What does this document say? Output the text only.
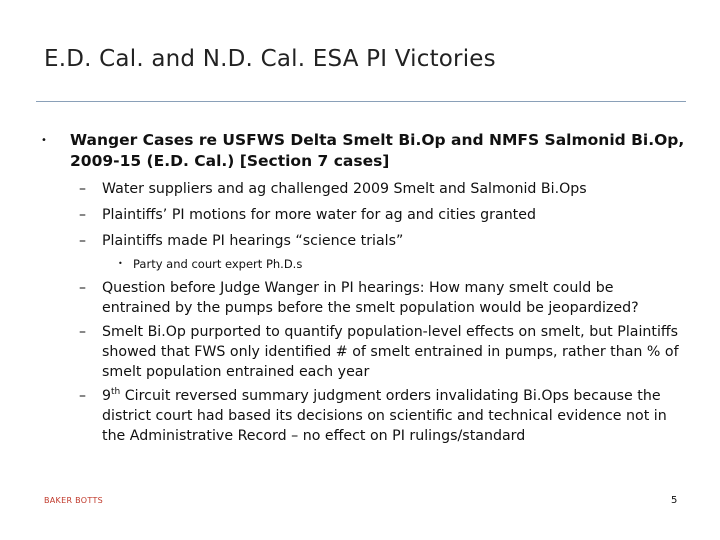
E.D. Cal. and N.D. Cal. ESA PI Victories
• Wanger Cases re USFWS Delta Smelt Bi.Op and NMFS Salmonid Bi.Op, 2009-15 (E.D. Cal.) [Section 7 cases]
– Water suppliers and ag challenged 2009 Smelt and Salmonid Bi.Ops
– Plaintiffs’ PI motions for more water for ag and cities granted
– Plaintiffs made PI hearings “science trials”
• Party and court expert Ph.D.s
– Question before Judge Wanger in PI hearings: How many smelt could be entrained by the pumps before the smelt population would be jeopardized?
– Smelt Bi.Op purported to quantify population-level effects on smelt, but Plaintiffs showed that FWS only identified # of smelt entrained in pumps, rather than % of smelt population entrained each year
– 9th Circuit reversed summary judgment orders invalidating Bi.Ops because the district court had based its decisions on scientific and technical evidence not in the Administrative Record – no effect on PI rulings/standard
BAKER BOTTS	5
